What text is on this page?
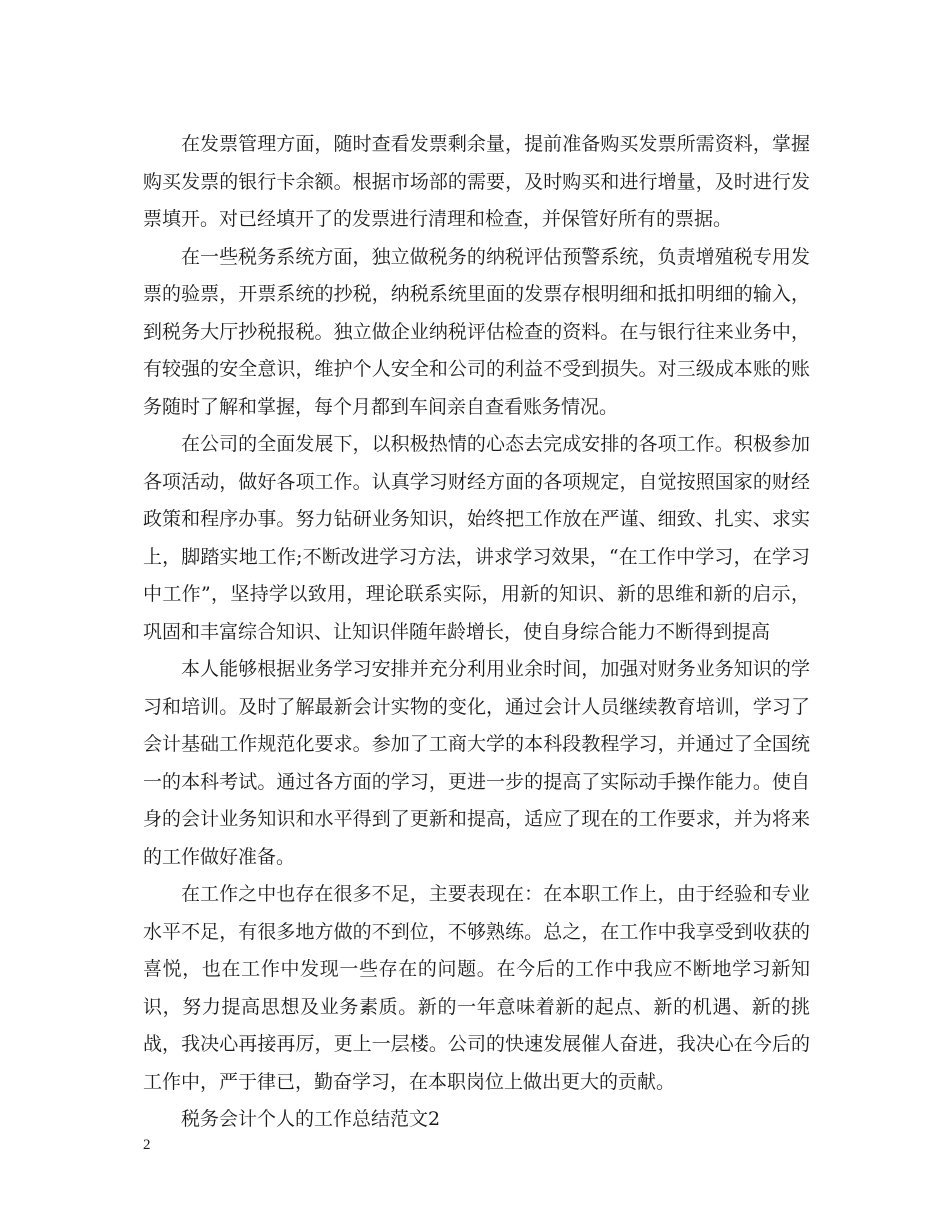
在发票管理方面，随时查看发票剩余量，提前准备购买发票所需资料，掌握购买发票的银行卡余额。根据市场部的需要，及时购买和进行增量，及时进行发票填开。对已经填开了的发票进行清理和检查，并保管好所有的票据。

在一些税务系统方面，独立做税务的纳税评估预警系统，负责增殖税专用发票的验票，开票系统的抄税，纳税系统里面的发票存根明细和抵扣明细的输入，到税务大厅抄税报税。独立做企业纳税评估检查的资料。在与银行往来业务中，有较强的安全意识，维护个人安全和公司的利益不受到损失。对三级成本账的账务随时了解和掌握，每个月都到车间亲自查看账务情况。

在公司的全面发展下，以积极热情的心态去完成安排的各项工作。积极参加各项活动，做好各项工作。认真学习财经方面的各项规定，自觉按照国家的财经政策和程序办事。努力钻研业务知识，始终把工作放在严谨、细致、扎实、求实上，脚踏实地工作;不断改进学习方法，讲求学习效果，“在工作中学习，在学习中工作”，坚持学以致用，理论联系实际，用新的知识、新的思维和新的启示，巩固和丰富综合知识、让知识伴随年龄增长，使自身综合能力不断得到提高

本人能够根据业务学习安排并充分利用业余时间，加强对财务业务知识的学习和培训。及时了解最新会计实物的变化，通过会计人员继续教育培训，学习了会计基础工作规范化要求。参加了工商大学的本科段教程学习，并通过了全国统一的本科考试。通过各方面的学习，更进一步的提高了实际动手操作能力。使自身的会计业务知识和水平得到了更新和提高，适应了现在的工作要求，并为将来的工作做好准备。

在工作之中也存在很多不足，主要表现在：在本职工作上，由于经验和专业水平不足，有很多地方做的不到位，不够熟练。总之，在工作中我享受到收获的喜悦，也在工作中发现一些存在的问题。在今后的工作中我应不断地学习新知识，努力提高思想及业务素质。新的一年意味着新的起点、新的机遇、新的挑战，我决心再接再厉，更上一层楼。公司的快速发展催人奋进，我决心在今后的工作中，严于律已，勤奋学习，在本职岗位上做出更大的贡献。

税务会计个人的工作总结范文2

2
